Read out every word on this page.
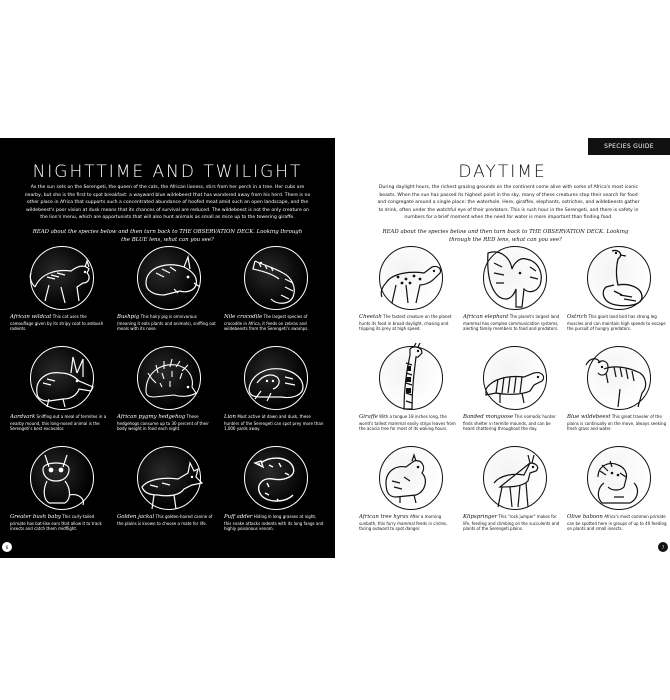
NIGHTTIME AND TWILIGHT

As the sun sets on the Serengeti, the queen of the cats, the African lioness, stirs from her perch in a tree. Her cubs are nearby, but she is the first to spot breakfast: a wayward blue wildebeest that has wandered away from his herd. There is no other place in Africa that supports such a concentrated abundance of hoofed meat amid such an open landscape, and the wildebeest's poor vision at dusk means that its chances of survival are reduced. The wildebeest is not the only creature on the lion's menu, which are opportunists that will also hunt animals as small as mice up to the towering giraffe.

READ about the species below and then turn back to THE OBSERVATION DECK. Looking through the BLUE lens, what can you see?

African wildcat This cat uses the camouflage given by its stripy coat to ambush rodents.
Bushpig This hairy pig is omnivorous (meaning it eats plants and animals), sniffing out meals with its nose.
Nile crocodile The largest species of crocodile in Africa, it feeds on zebras and wildebeests from the Serengeti's swamps.
Aardvark Sniffing out a meal of termites in a nearby mound, this long-nosed animal is the Serengeti's best excavator.
African pygmy hedgehog These hedgehogs consume up to 30 percent of their body weight in food each night.
Lion Most active at dawn and dusk, these hunters of the Serengeti can spot prey more than 1,000 yards away.
Greater bush baby This curly-tailed primate has bat-like ears that allow it to track insects and catch them midflight.
Golden jackal This golden-haired canine of the plains is known to choose a mate for life.
Puff adder Hiding in long grasses at night, this snake attacks rodents with its long fangs and highly poisonous venom.
6
SPECIES GUIDE
DAYTIME

During daylight hours, the richest grazing grounds on the continent come alive with some of Africa's most iconic beasts. When the sun has passed its highest point in the sky, many of these creatures stop their search for food and congregate around a single place: the waterhole. Here, giraffes, elephants, ostriches, and wildebeests gather to drink, often under the watchful eye of their predators. This is rush hour in the Serengeti, and there is safety in numbers for a brief moment when the need for water is more important than finding food.

READ about the species below and then turn back to THE OBSERVATION DECK. Looking through the RED lens, what can you see?

Cheetah The fastest creature on the planet hunts its food in broad daylight, chasing and tripping its prey at high speed.
African elephant The planet's largest land mammal has complex communication systems, alerting family members to food and predators.
Ostrich This giant land bird has strong leg muscles and can maintain high speeds to escape the pursuit of hungry predators.
Giraffe With a tongue 18 inches long, the world's tallest mammal easily strips leaves from the acacia tree for most of its waking hours.
Banded mongoose This nomadic hunter finds shelter in termite mounds, and can be heard chattering throughout the day.
Blue wildebeest This great traveler of the plains is continually on the move, always seeking fresh grass and water.
African tree hyrax After a morning sunbath, this furry mammal feeds in circles, facing outward to spot danger.
Klipspringer This "rock jumper" makes for life, feeding and climbing on the succulents and plants of the Serengeti plains.
Olive baboon Africa's most common primate can be spotted here in groups of up to 40 feeding on plants and small insects.
7
